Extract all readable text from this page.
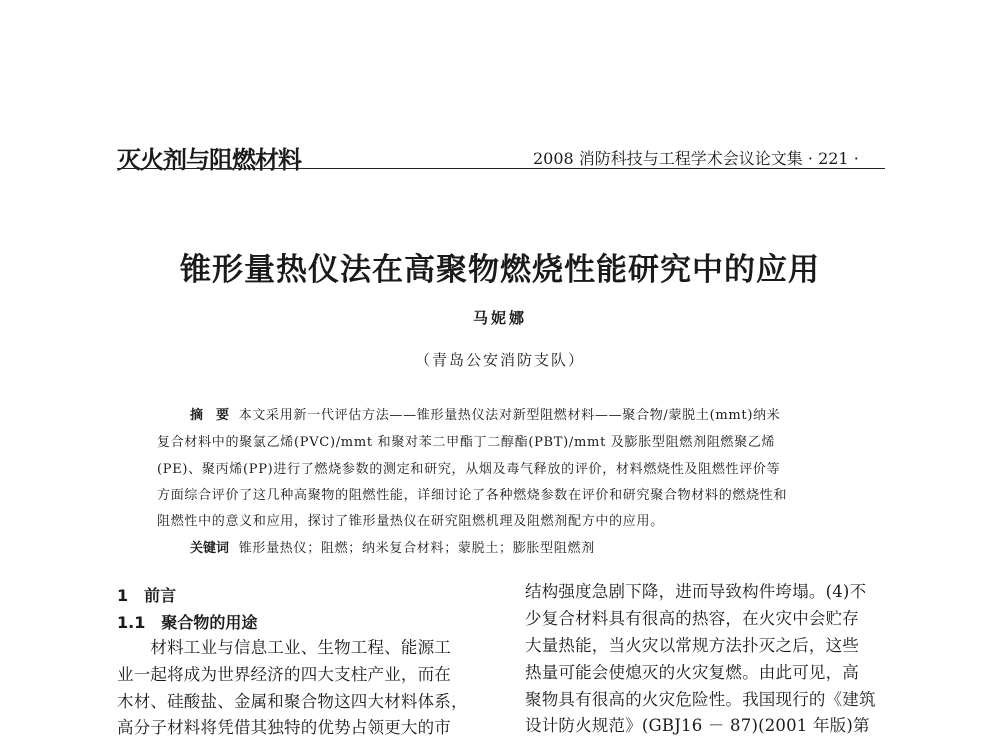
灭火剂与阻燃材料	2008 消防科技与工程学术会议论文集 · 221 ·
锥形量热仪法在高聚物燃烧性能研究中的应用
马妮娜
（青岛公安消防支队）
摘　要 本文采用新一代评估方法——锥形量热仪法对新型阻燃材料——聚合物/蒙脱土(mmt)纳米
复合材料中的聚氯乙烯(PVC)/mmt 和聚对苯二甲酯丁二醇酯(PBT)/mmt 及膨胀型阻燃剂阻燃聚乙烯
(PE)、聚丙烯(PP)进行了燃烧参数的测定和研究，从烟及毒气释放的评价，材料燃烧性及阻燃性评价等
方面综合评价了这几种高聚物的阻燃性能，详细讨论了各种燃烧参数在评价和研究聚合物材料的燃烧性和
阻燃性中的意义和应用，探讨了锥形量热仪在研究阻燃机理及阻燃剂配方中的应用。
关键词 锥形量热仪；阻燃；纳米复合材料；蒙脱土；膨胀型阻燃剂
1　前言
1.1　聚合物的用途
　　材料工业与信息工业、生物工程、能源工
业一起将成为世界经济的四大支柱产业，而在
木材、硅酸盐、金属和聚合物这四大材料体系，
高分子材料将凭借其独特的优势占领更大的市
结构强度急剧下降，进而导致构件垮塌。(4)不
少复合材料具有很高的热容，在火灾中会贮存
大量热能，当火灾以常规方法扑灭之后，这些
热量可能会使熄灭的火灾复燃。由此可见，高
聚物具有很高的火灾危险性。我国现行的《建筑
设计防火规范》(GBJ16 － 87)(2001 年版)第
